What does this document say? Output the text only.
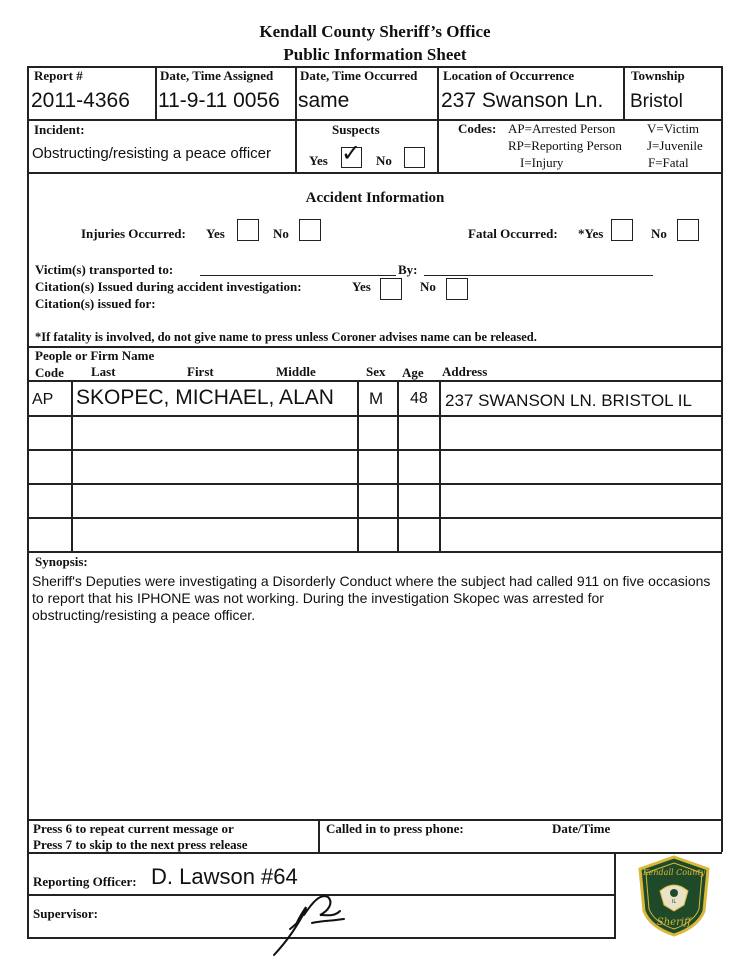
Kendall County Sheriff’s Office
Public Information Sheet
Report #
2011-4366
Date, Time Assigned
11-9-11 0056
Date, Time Occurred
same
Location of Occurrence
237 Swanson Ln.
Township
Bristol
Incident:
Obstructing/resisting a peace officer
Suspects
Yes ✓ No
Codes: AP=Arrested Person V=Victim
RP=Reporting Person J=Juvenile
I=Injury	F=Fatal
Accident Information
Injuries Occurred: Yes	No	Fatal Occurred: *Yes	No
Victim(s) transported to:	By:
Citation(s) Issued during accident investigation:	Yes	No
Citation(s) issued for:
*If fatality is involved, do not give name to press unless Coroner advises name can be released.
People or Firm Name
Code Last	First	Middle	Sex Age Address
AP SKOPEC, MICHAEL, ALAN M 48 237 SWANSON LN. BRISTOL IL
Synopsis:
Sheriff's Deputies were investigating a Disorderly Conduct where the subject had called 911 on five occasions to report that his IPHONE was not working. During the investigation Skopec was arrested for obstructing/resisting a peace officer.
Press 6 to repeat current message or
Press 7 to skip to the next press release
Called in to press phone:	Date/Time
Reporting Officer: D. Lawson #64
Supervisor:
Kendall County
IL
Sheriff
